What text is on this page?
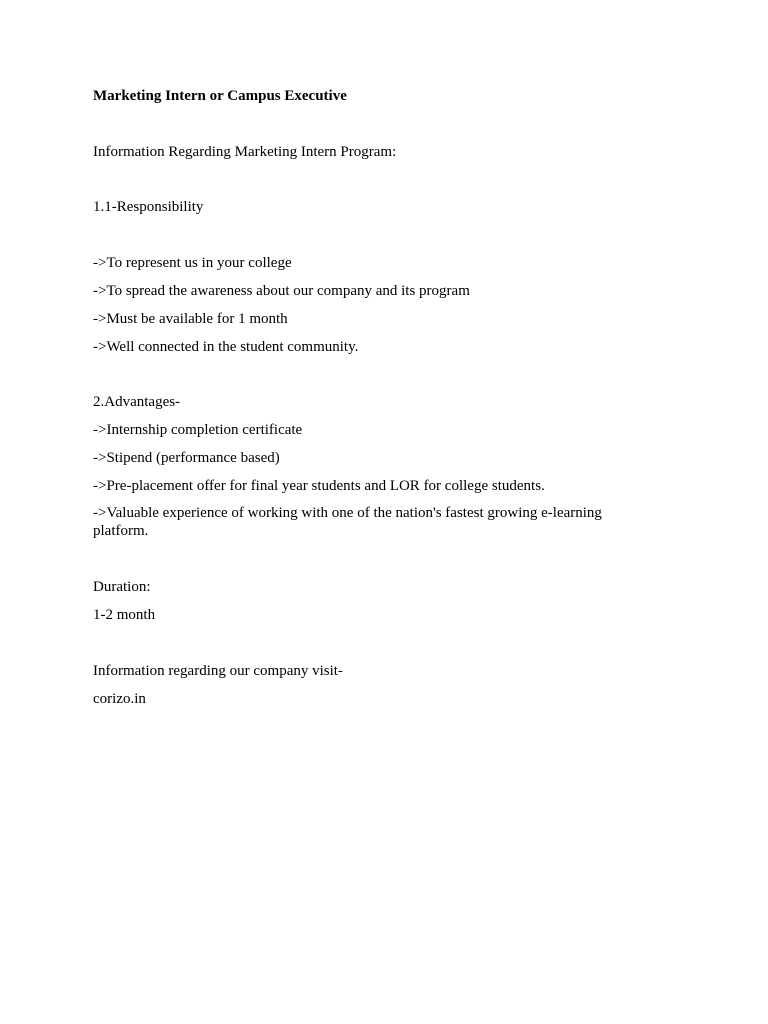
Marketing Intern or Campus Executive
Information Regarding Marketing Intern Program:
1.1-Responsibility
->To represent us in your college
->To spread the awareness about our company and its program
->Must be available for 1 month
->Well connected in the student community.
2.Advantages-
->Internship completion certificate
->Stipend (performance based)
->Pre-placement offer for final year students and LOR for college students.
->Valuable experience of working with one of the nation's fastest growing e-learning platform.
Duration:
1-2 month
Information regarding our company visit-
corizo.in
